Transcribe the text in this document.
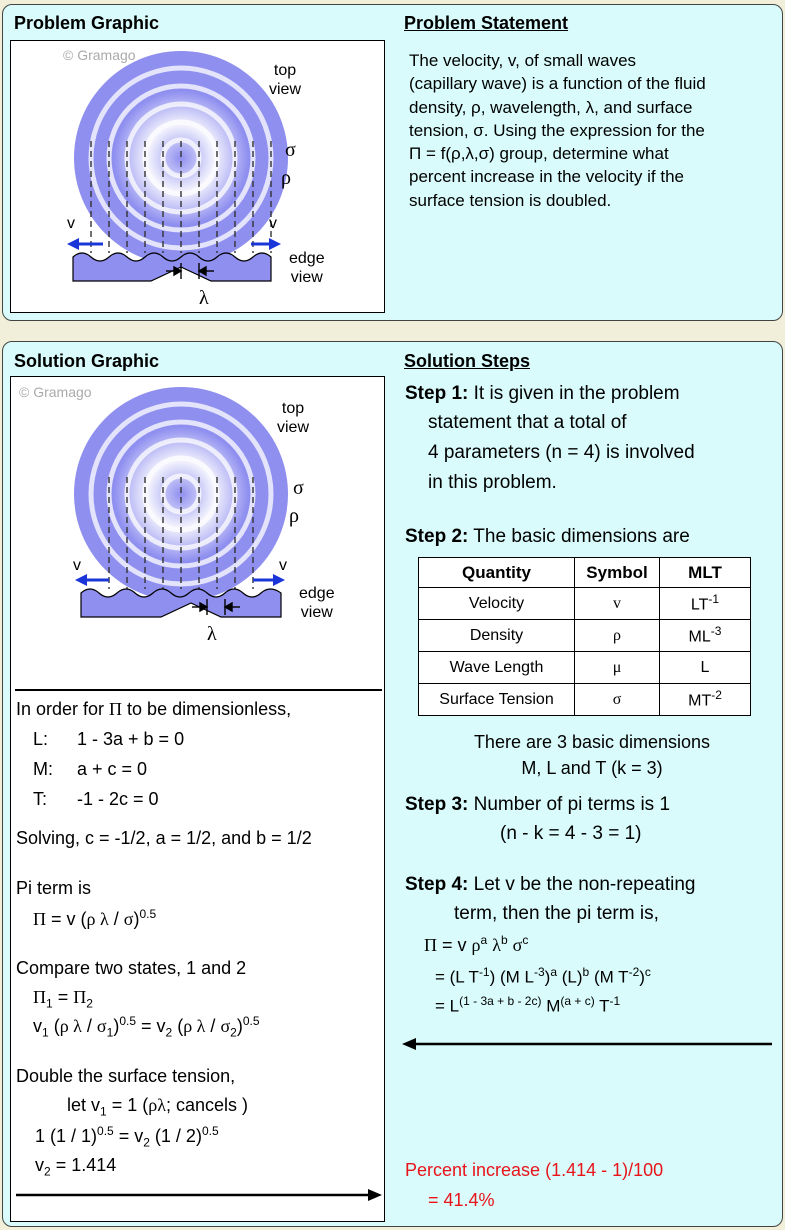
Problem Graphic	Problem Statement
© Gramago
top
view
σ
ρ
v	v
edge
view
λ
The velocity, v, of small waves
(capillary wave) is a function of the fluid
density, ρ, wavelength, λ, and surface
tension, σ. Using the expression for the
Π = f(ρ,λ,σ) group, determine what
percent increase in the velocity if the
surface tension is doubled.
Solution Graphic	Solution Steps
© Gramago
top
view
σ
ρ
v	v
edge
view
λ
In order for Π to be dimensionless,
L: 1 - 3a + b = 0
M: a + c = 0
T: -1 - 2c = 0
Solving, c = -1/2, a = 1/2, and b = 1/2
Pi term is
Π = v (ρ λ / σ)$^{0.5}$
Compare two states, 1 and 2
$\Pi_1 = \Pi_2$
$v_1$ (ρ $\lambda / \sigma_1)^{0.5} = v_2$ (ρ λ / $\sigma_2)^{0.5}$
Double the surface tension,
let $v_1 = 1$ (ρλ; cancels )
1 $(1 / 1)^{0.5} = v_2$ (1 / 2)$^{0.5}$
$v_2 = 1.414$
Step 1: It is given in the problem
statement that a total of
4 parameters (n = 4) is involved
in this problem.
Step 2: The basic dimensions are
Quantity	Symbol	MLT
Velocity	v	$LT^{-1}$
Density	ρ	$ML^{-3}$
Wave Length	μ	L
Surface Tension	σ	$MT^{-2}$
There are 3 basic dimensions
M, L and T (k = 3)
Step 3: Number of pi terms is 1
(n - k = 4 - 3 = 1)
Step 4: Let v be the non-repeating
term, then the pi term is,
Π = v $\rho^a$ $\lambda^b$ $\sigma^c$
= (L $T^{-1}$) (M $L^{-3})^a$ $(L)^b$ (M $T^{-2})^c$
= $L^{(1 - 3a + b - 2c)}$ $M^{(a + c)}$ $T^{-1}$
Percent increase (1.414 - 1)/100
= 41.4%
